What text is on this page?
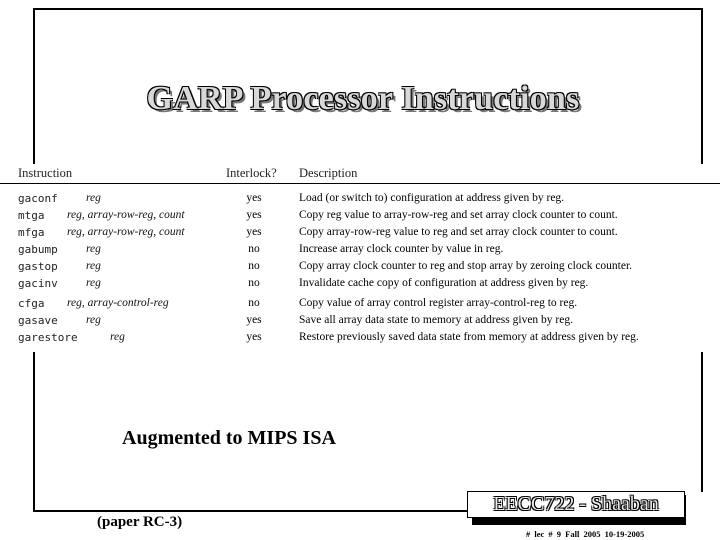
GARP Processor Instructions
Instruction	Interlock? Description
gaconf reg	yes	Load (or switch to) configuration at address given by reg.
mtga reg, array-row-reg, count	yes	Copy reg value to array-row-reg and set array clock counter to count.
mfga reg, array-row-reg, count	yes	Copy array-row-reg value to reg and set array clock counter to count.
gabump reg	no	Increase array clock counter by value in reg.
gastop reg	no	Copy array clock counter to reg and stop array by zeroing clock counter.
gacinv reg	no	Invalidate cache copy of configuration at address given by reg.
cfga reg, array-control-reg	no	Copy value of array control register array-control-reg to reg.
gasave reg	yes	Save all array data state to memory at address given by reg.
garestore	reg	yes	Restore previously saved data state from memory at address given by reg.
Augmented to MIPS ISA
(paper RC-3)
EECC722 - Shaaban
# lec # 9 Fall 2005 10-19-2005
